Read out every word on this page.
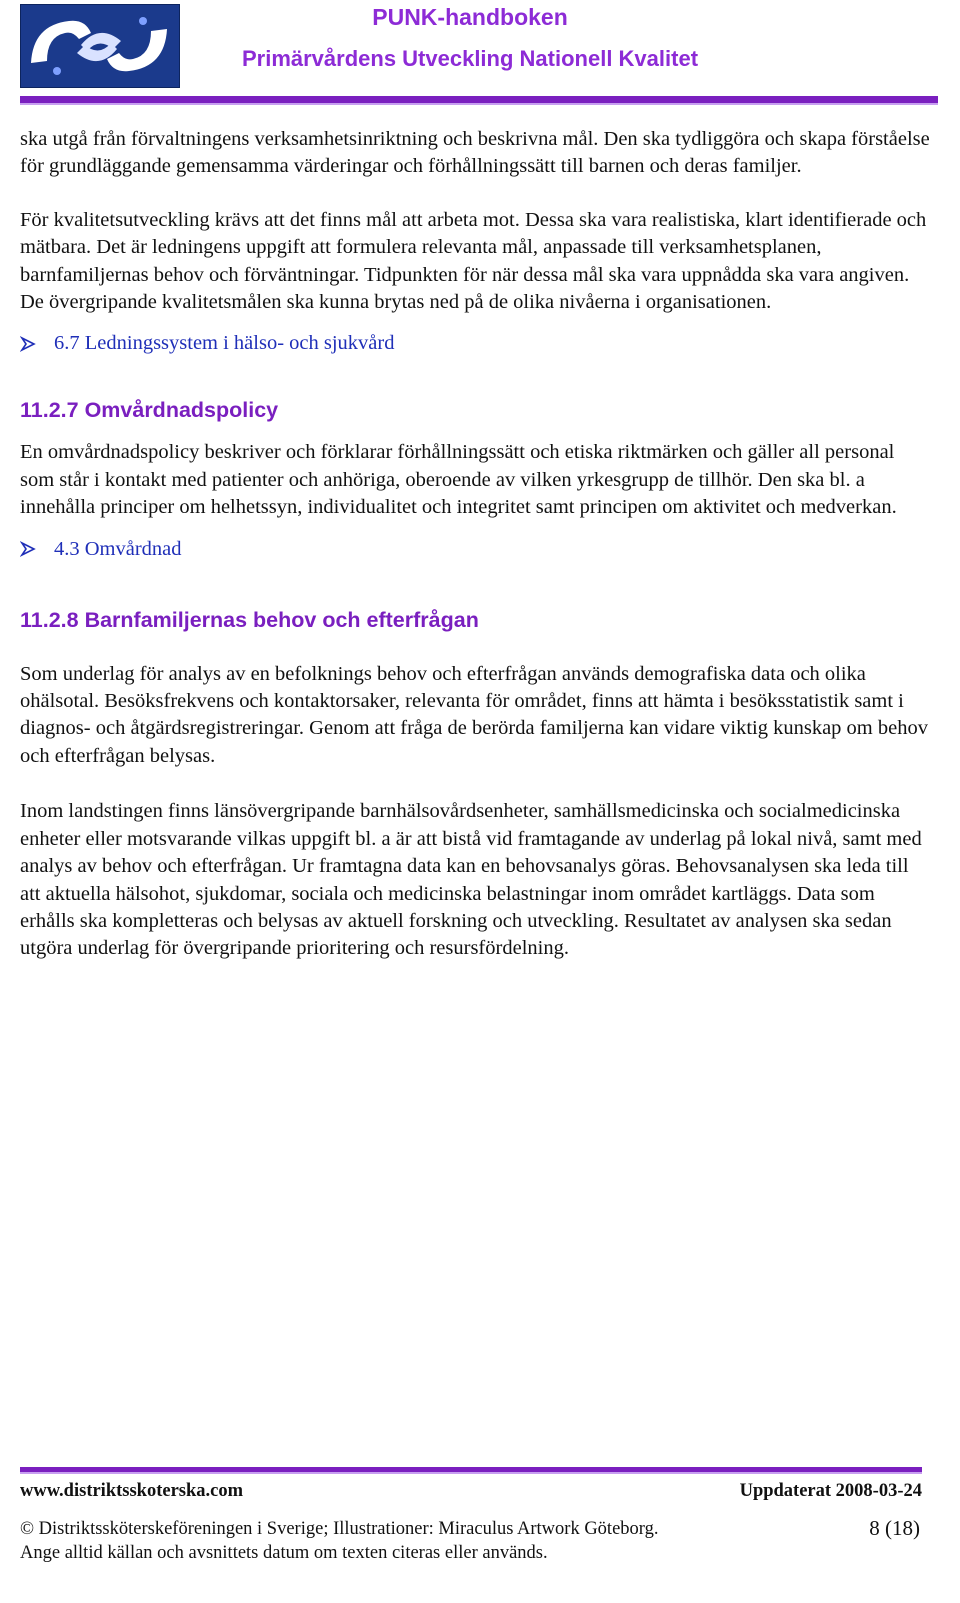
PUNK-handboken
Primärvårdens Utveckling Nationell Kvalitet

ska utgå från förvaltningens verksamhetsinriktning och beskrivna mål. Den ska tydliggöra och skapa förståelse för grundläggande gemensamma värderingar och förhållningssätt till barnen och deras familjer.

För kvalitetsutveckling krävs att det finns mål att arbeta mot. Dessa ska vara realistiska, klart identifierade och mätbara. Det är ledningens uppgift att formulera relevanta mål, anpassade till verksamhetsplanen, barnfamiljernas behov och förväntningar. Tidpunkten för när dessa mål ska vara uppnådda ska vara angiven. De övergripande kvalitetsmålen ska kunna brytas ned på de olika nivåerna i organisationen.

6.7 Ledningssystem i hälso- och sjukvård
11.2.7 Omvårdnadspolicy

En omvårdnadspolicy beskriver och förklarar förhållningssätt och etiska riktmärken och gäller all personal som står i kontakt med patienter och anhöriga, oberoende av vilken yrkesgrupp de tillhör. Den ska bl. a innehålla principer om helhetssyn, individualitet och integritet samt principen om aktivitet och medverkan.

4.3 Omvårdnad
11.2.8 Barnfamiljernas behov och efterfrågan

Som underlag för analys av en befolknings behov och efterfrågan används demografiska data och olika ohälsotal. Besöksfrekvens och kontaktorsaker, relevanta för området, finns att hämta i besöksstatistik samt i diagnos- och åtgärdsregistreringar. Genom att fråga de berörda familjerna kan vidare viktig kunskap om behov och efterfrågan belysas.

Inom landstingen finns länsövergripande barnhälsovårdsenheter, samhällsmedicinska och socialmedicinska enheter eller motsvarande vilkas uppgift bl. a är att bistå vid framtagande av underlag på lokal nivå, samt med analys av behov och efterfrågan. Ur framtagna data kan en behovsanalys göras. Behovsanalysen ska leda till att aktuella hälsohot, sjukdomar, sociala och medicinska belastningar inom området kartläggs. Data som erhålls ska kompletteras och belysas av aktuell forskning och utveckling. Resultatet av analysen ska sedan utgöra underlag för övergripande prioritering och resursfördelning.

www.distriktsskoterska.com	Uppdaterat 2008-03-24
© Distriktssköterskeföreningen i Sverige; Illustrationer: Miraculus Artwork Göteborg.	8 (18)
Ange alltid källan och avsnittets datum om texten citeras eller används.
